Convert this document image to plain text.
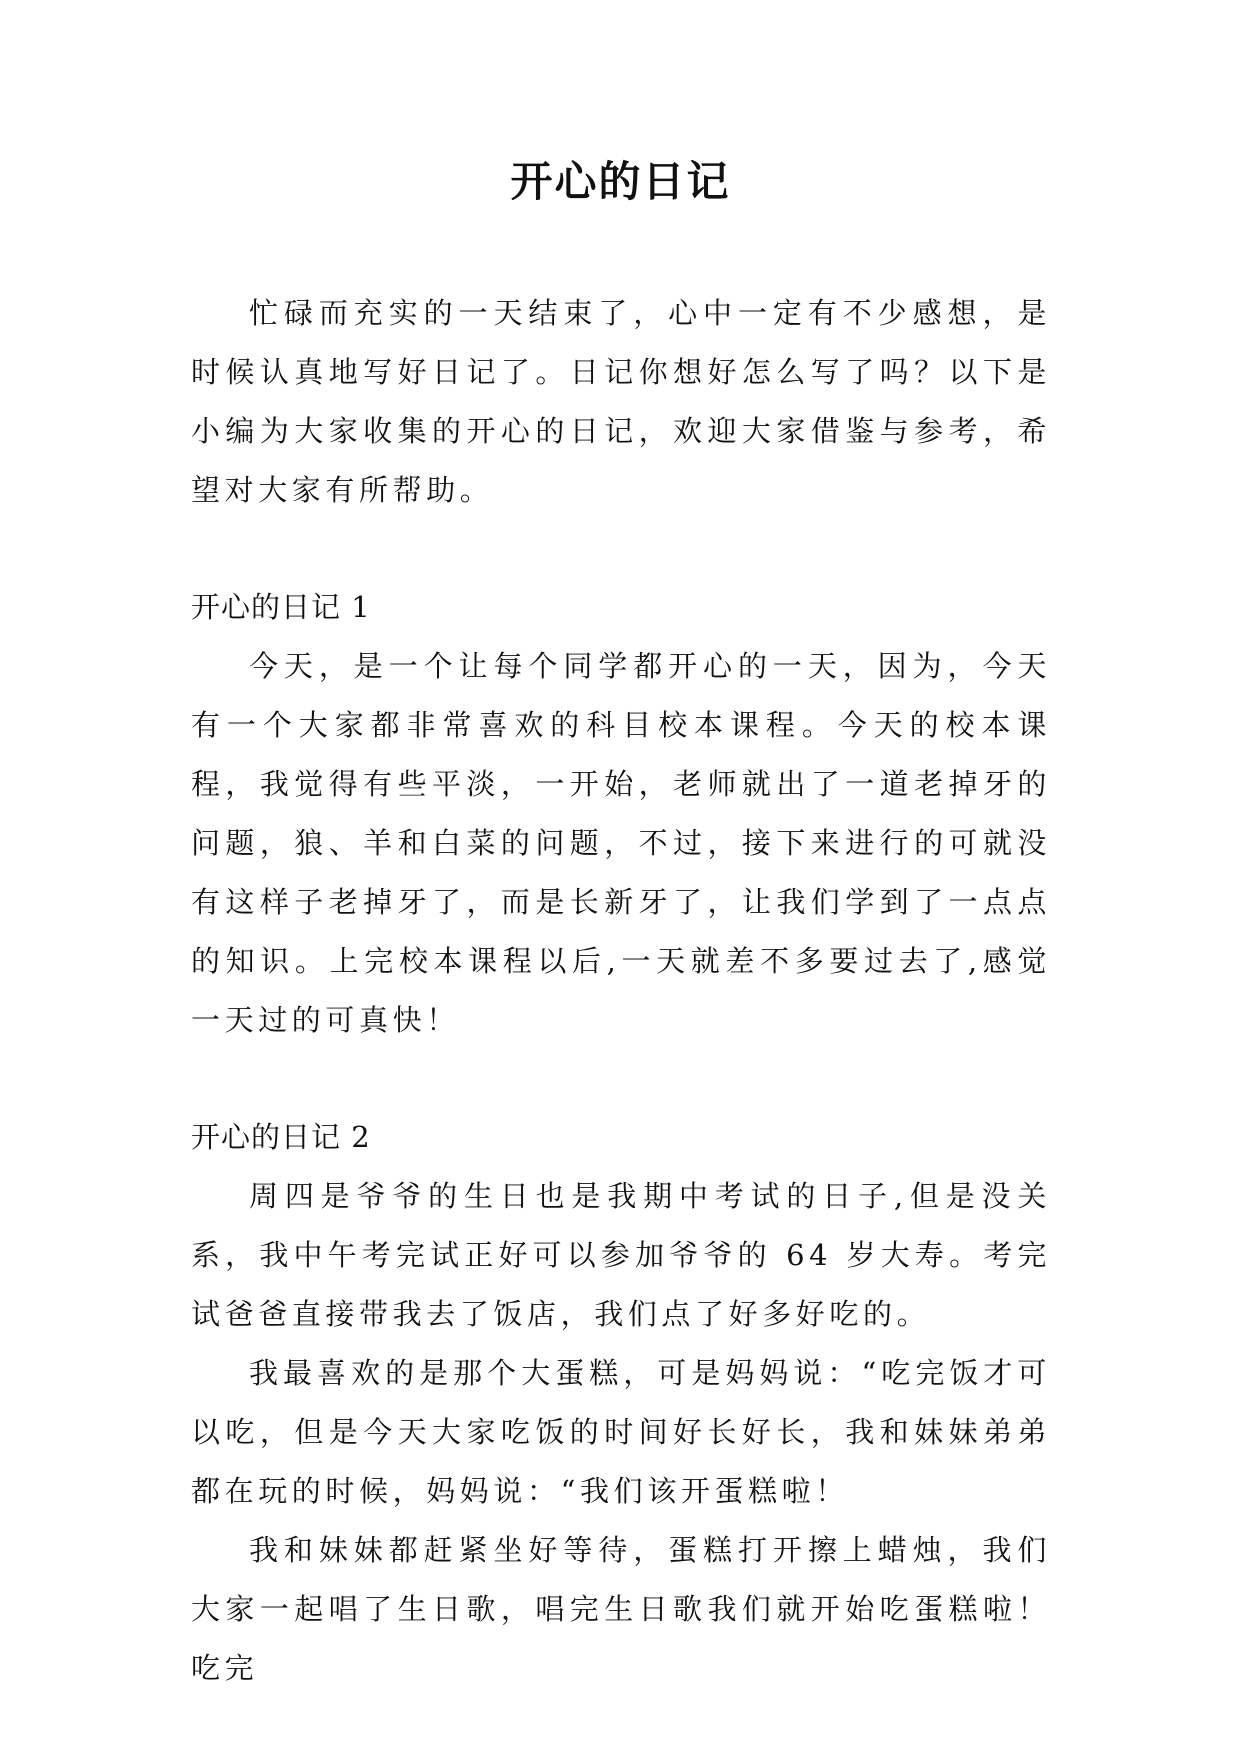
开心的日记

忙碌而充实的一天结束了，心中一定有不少感想，是时候认真地写好日记了。日记你想好怎么写了吗？以下是小编为大家收集的开心的日记，欢迎大家借鉴与参考，希望对大家有所帮助。

开心的日记 1

今天，是一个让每个同学都开心的一天，因为，今天有一个大家都非常喜欢的科目校本课程。今天的校本课程，我觉得有些平淡，一开始，老师就出了一道老掉牙的问题，狼、羊和白菜的问题，不过，接下来进行的可就没有这样子老掉牙了，而是长新牙了，让我们学到了一点点的知识。上完校本课程以后,一天就差不多要过去了,感觉一天过的可真快！

开心的日记 2

周四是爷爷的生日也是我期中考试的日子,但是没关系，我中午考完试正好可以参加爷爷的 64 岁大寿。考完试爸爸直接带我去了饭店，我们点了好多好吃的。

我最喜欢的是那个大蛋糕，可是妈妈说：“吃完饭才可以吃，但是今天大家吃饭的时间好长好长，我和妹妹弟弟都在玩的时候，妈妈说：“我们该开蛋糕啦！

我和妹妹都赶紧坐好等待，蛋糕打开擦上蜡烛，我们大家一起唱了生日歌，唱完生日歌我们就开始吃蛋糕啦！吃完
